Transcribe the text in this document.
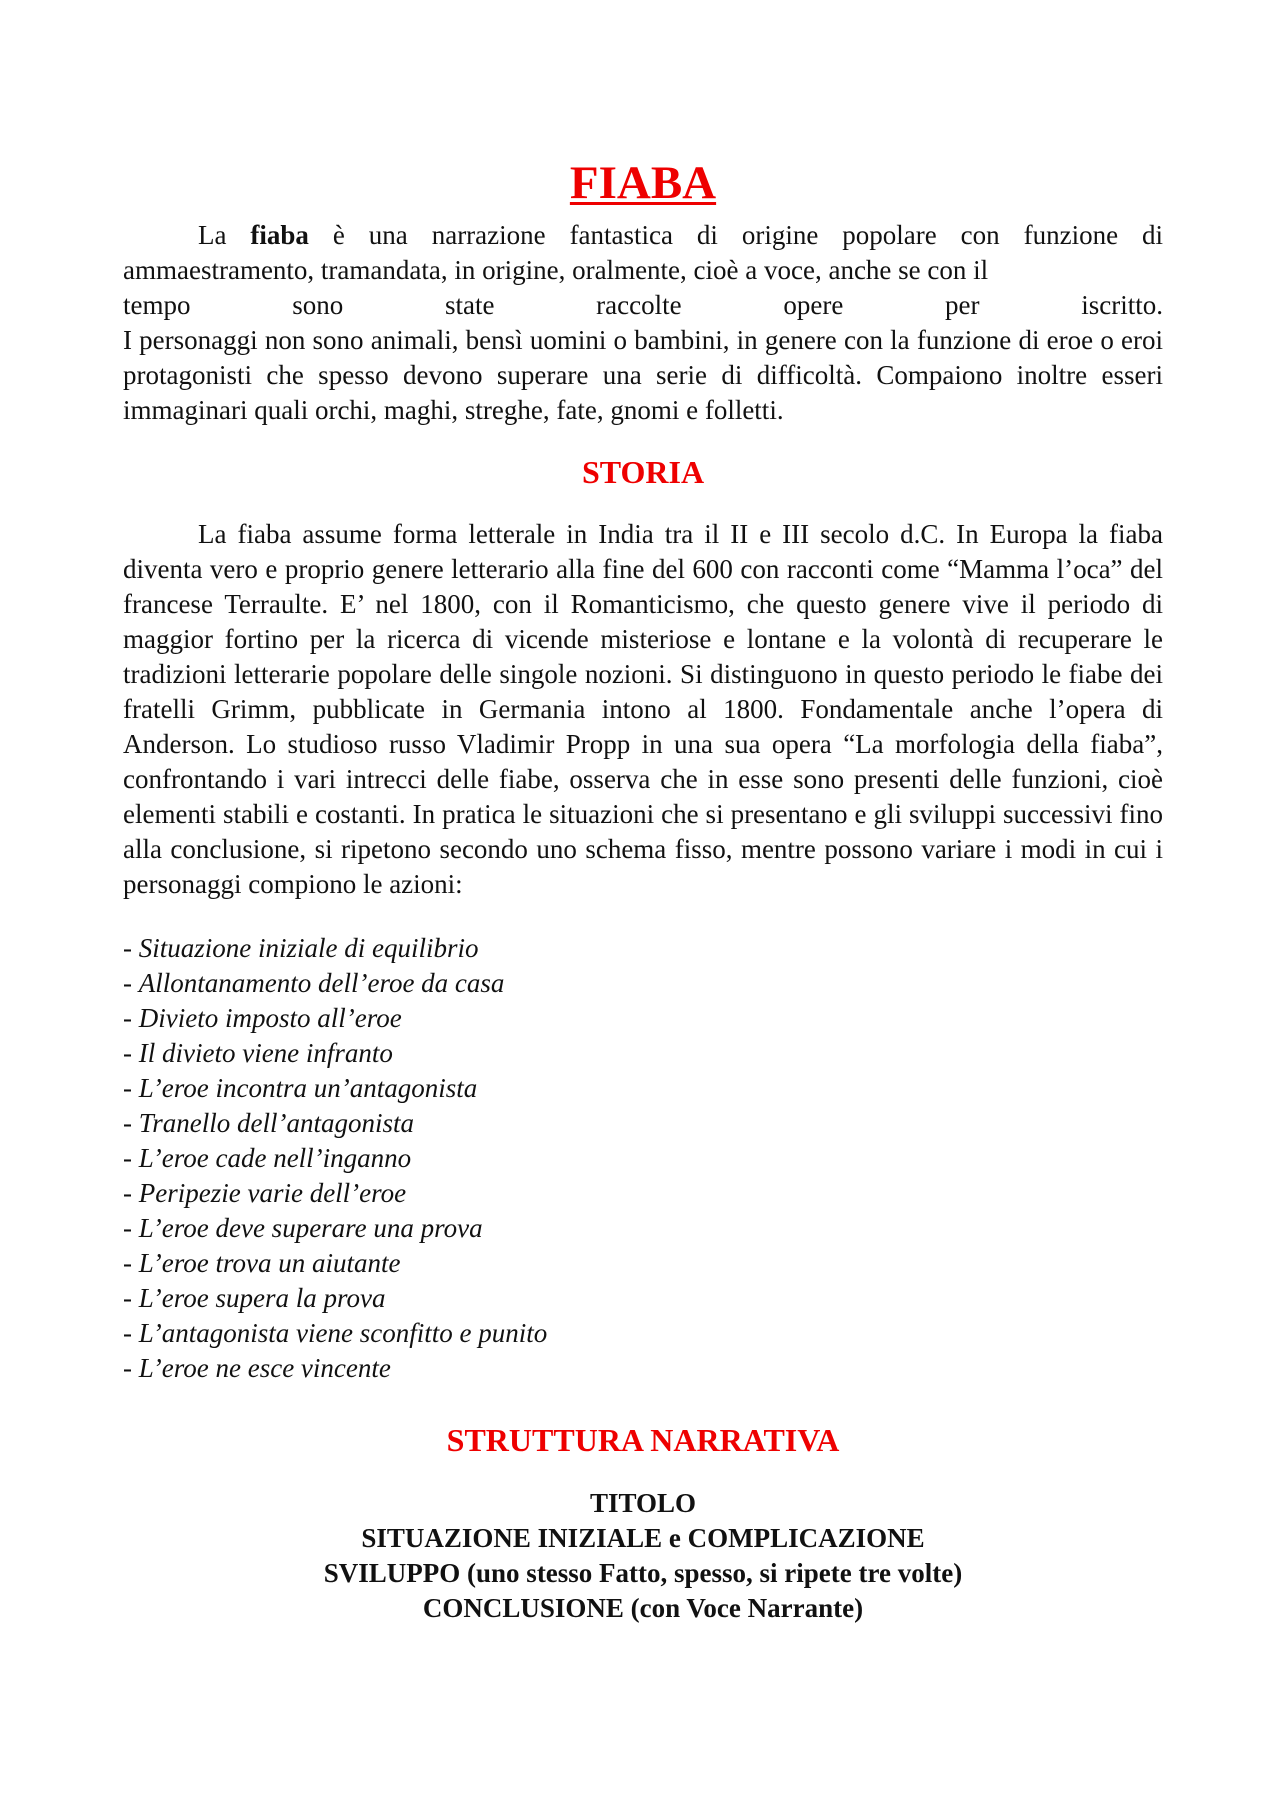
FIABA

La fiaba è una narrazione fantastica di origine popolare con funzione di ammaestramento, tramandata, in origine, oralmente, cioè a voce, anche se con il

tempo sono state raccolte opere per iscritto.

I personaggi non sono animali, bensì uomini o bambini, in genere con la funzione di eroe o eroi protagonisti che spesso devono superare una serie di difficoltà. Compaiono inoltre esseri immaginari quali orchi, maghi, streghe, fate, gnomi e folletti.

STORIA

La fiaba assume forma letterale in India tra il II e III secolo d.C. In Europa la fiaba diventa vero e proprio genere letterario alla fine del 600 con racconti come “Mamma l’oca” del francese Terraulte. E’ nel 1800, con il Romanticismo, che questo genere vive il periodo di maggior fortino per la ricerca di vicende misteriose e lontane e la volontà di recuperare le tradizioni letterarie popolare delle singole nozioni. Si distinguono in questo periodo le fiabe dei fratelli Grimm, pubblicate in Germania intono al 1800. Fondamentale anche l’opera di Anderson. Lo studioso russo Vladimir Propp in una sua opera “La morfologia della fiaba”, confrontando i vari intrecci delle fiabe, osserva che in esse sono presenti delle funzioni, cioè elementi stabili e costanti. In pratica le situazioni che si presentano e gli sviluppi successivi fino alla conclusione, si ripetono secondo uno schema fisso, mentre possono variare i modi in cui i personaggi compiono le azioni:

- Situazione iniziale di equilibrio
- Allontanamento dell’eroe da casa
- Divieto imposto all’eroe
- Il divieto viene infranto
- L’eroe incontra un’antagonista
- Tranello dell’antagonista
- L’eroe cade nell’inganno
- Peripezie varie dell’eroe
- L’eroe deve superare una prova
- L’eroe trova un aiutante
- L’eroe supera la prova
- L’antagonista viene sconfitto e punito
- L’eroe ne esce vincente
STRUTTURA NARRATIVA
TITOLO
SITUAZIONE INIZIALE e COMPLICAZIONE
SVILUPPO (uno stesso Fatto, spesso, si ripete tre volte)
CONCLUSIONE (con Voce Narrante)
